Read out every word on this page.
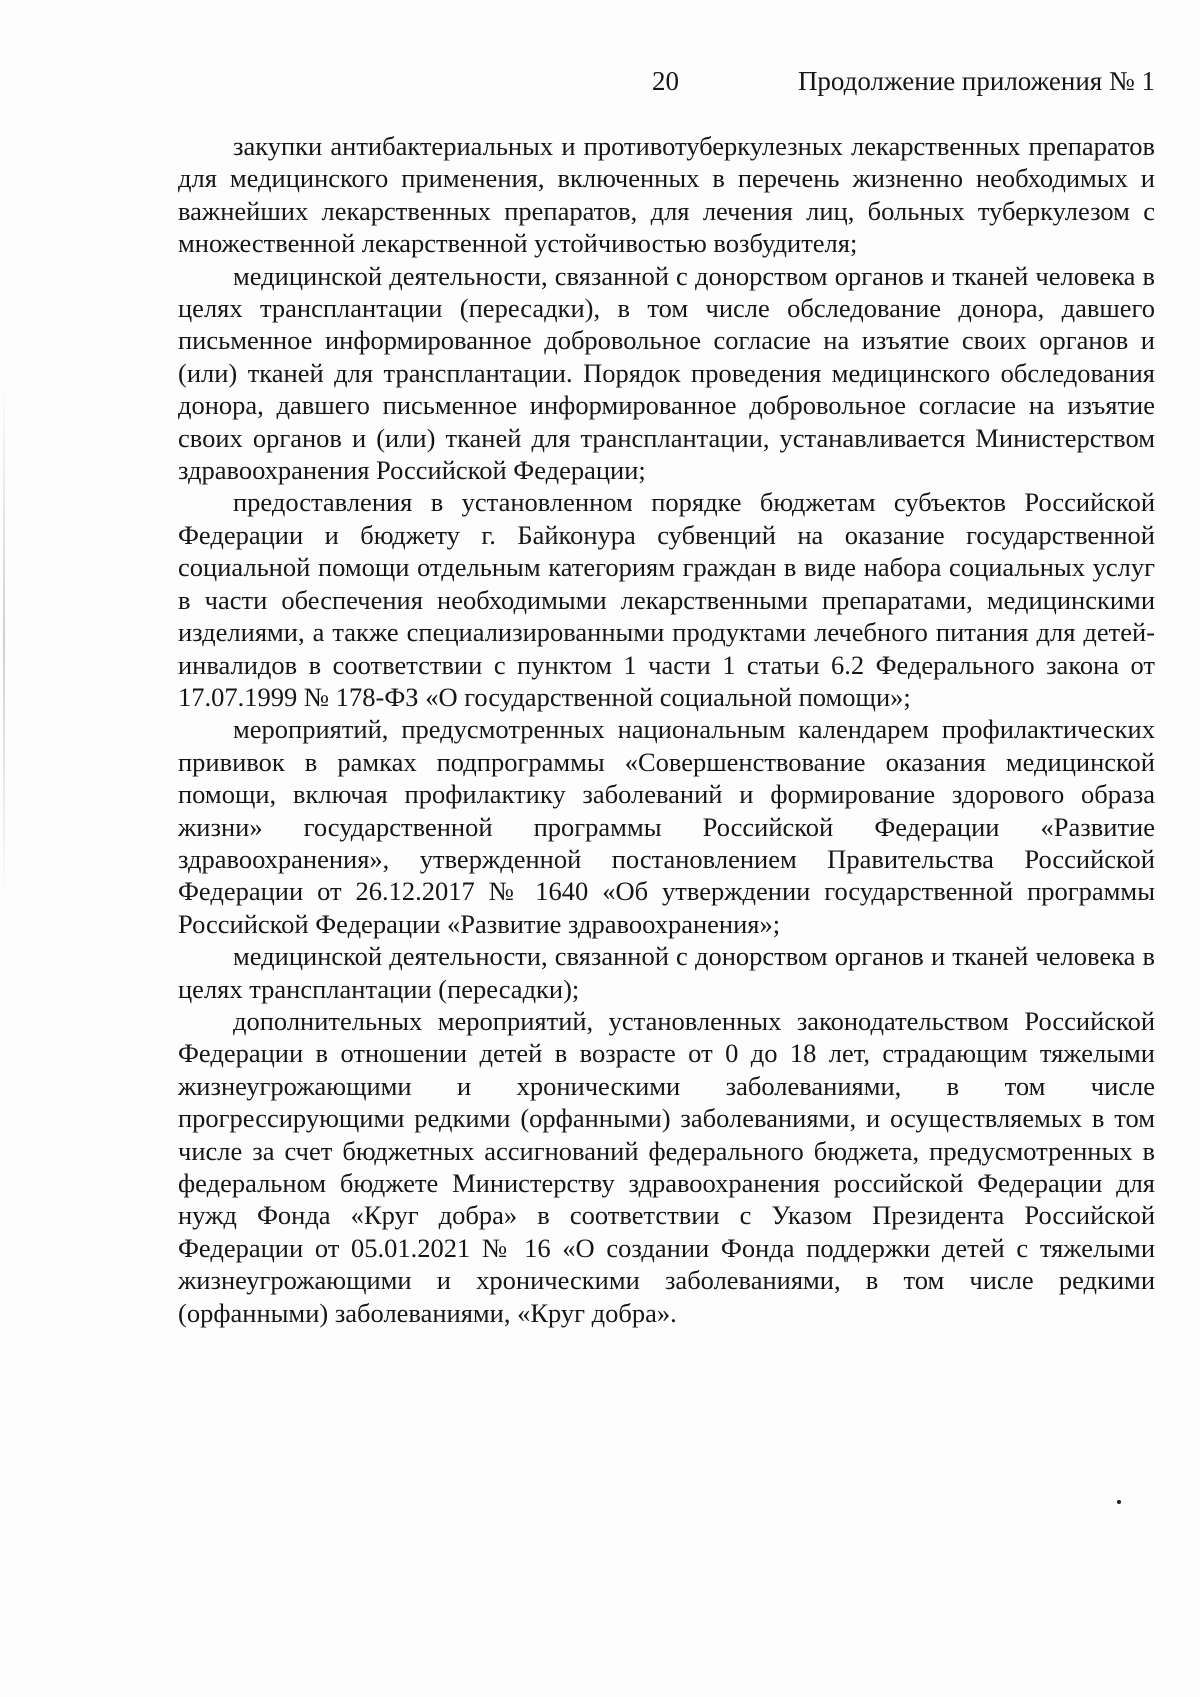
20	Продолжение приложения № 1

закупки антибактериальных и противотуберкулезных лекарственных препаратов для медицинского применения, включенных в перечень жизненно необходимых и важнейших лекарственных препаратов, для лечения лиц, больных туберкулезом с множественной лекарственной устойчивостью возбудителя;

медицинской деятельности, связанной с донорством органов и тканей человека в целях трансплантации (пересадки), в том числе обследование донора, давшего письменное информированное добровольное согласие на изъятие своих органов и (или) тканей для трансплантации. Порядок проведения медицинского обследования донора, давшего письменное информированное добровольное согласие на изъятие своих органов и (или) тканей для трансплантации, устанавливается Министерством здравоохранения Российской Федерации;

предоставления в установленном порядке бюджетам субъектов Российской Федерации и бюджету г. Байконура субвенций на оказание государственной социальной помощи отдельным категориям граждан в виде набора социальных услуг в части обеспечения необходимыми лекарственными препаратами, медицинскими изделиями, а также специализированными продуктами лечебного питания для детей-инвалидов в соответствии с пунктом 1 части 1 статьи 6.2 Федерального закона от 17.07.1999 № 178-ФЗ «О государственной социальной помощи»;

мероприятий, предусмотренных национальным календарем профилактических прививок в рамках подпрограммы «Совершенствование оказания медицинской помощи, включая профилактику заболеваний и формирование здорового образа жизни» государственной программы Российской Федерации «Развитие здравоохранения», утвержденной постановлением Правительства Российской Федерации от 26.12.2017 № 1640 «Об утверждении государственной программы Российской Федерации «Развитие здравоохранения»;

медицинской деятельности, связанной с донорством органов и тканей человека в целях трансплантации (пересадки);

дополнительных мероприятий, установленных законодательством Российской Федерации в отношении детей в возрасте от 0 до 18 лет, страдающим тяжелыми жизнеугрожающими и хроническими заболеваниями, в том числе прогрессирующими редкими (орфанными) заболеваниями, и осуществляемых в том числе за счет бюджетных ассигнований федерального бюджета, предусмотренных в федеральном бюджете Министерству здравоохранения российской Федерации для нужд Фонда «Круг добра» в соответствии с Указом Президента Российской Федерации от 05.01.2021 № 16 «О создании Фонда поддержки детей с тяжелыми жизнеугрожающими и хроническими заболеваниями, в том числе редкими (орфанными) заболеваниями, «Круг добра».
